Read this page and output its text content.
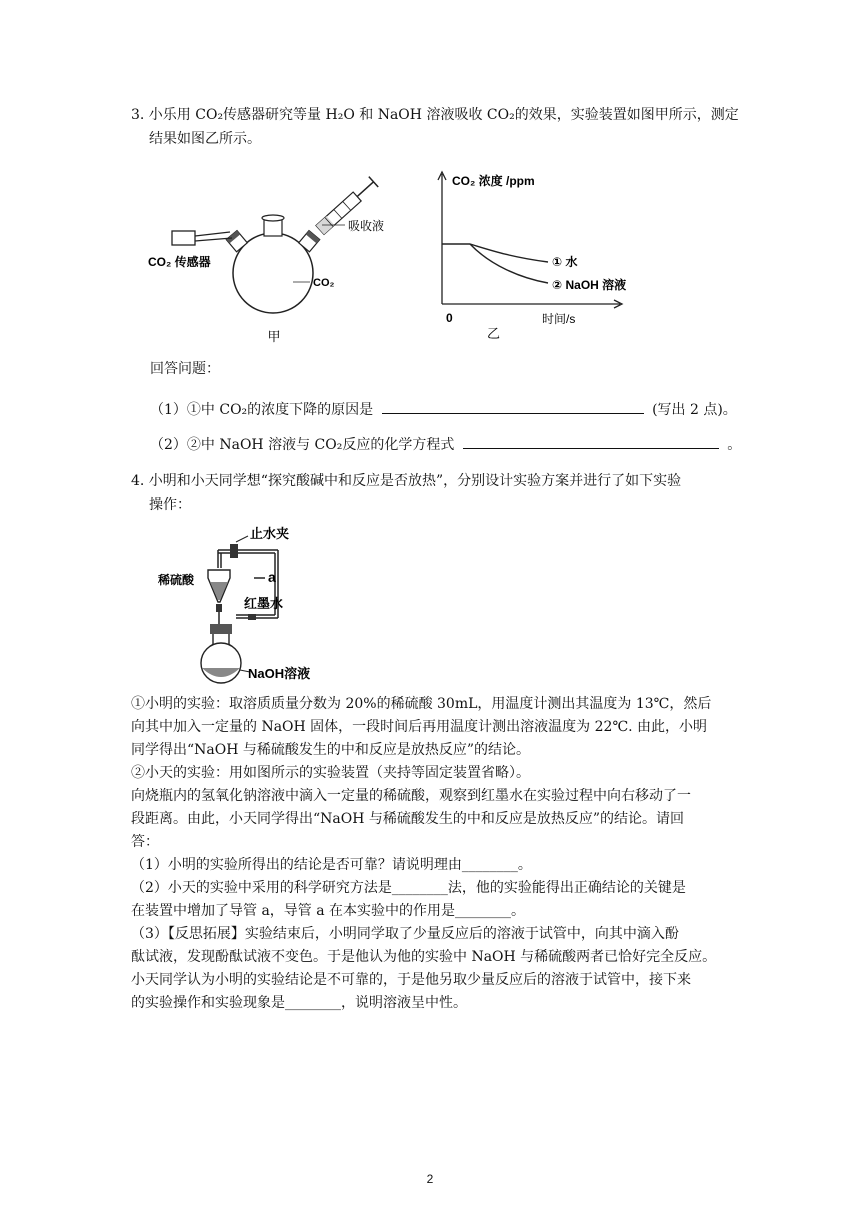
3. 小乐用 CO₂传感器研究等量 H₂O 和 NaOH 溶液吸收 CO₂的效果，实验装置如图甲所示，测定
结果如图乙所示。
CO₂ 传感器
吸收液
CO₂
甲
CO₂ 浓度 /ppm
① 水
② NaOH 溶液
0	时间/s
乙
回答问题：
（1）①中 CO₂的浓度下降的原因是	(写出 2 点)。
（2）②中 NaOH 溶液与 CO₂反应的化学方程式	。
4. 小明和小天同学想“探究酸碱中和反应是否放热”，分别设计实验方案并进行了如下实验
操作：
止水夹
稀硫酸	a
红墨水
NaOH溶液
①小明的实验：取溶质质量分数为 20%的稀硫酸 30mL，用温度计测出其温度为 13℃，然后
向其中加入一定量的 NaOH 固体，一段时间后再用温度计测出溶液温度为 22℃. 由此，小明
同学得出“NaOH 与稀硫酸发生的中和反应是放热反应”的结论。
②小天的实验：用如图所示的实验装置（夹持等固定装置省略）。
向烧瓶内的氢氧化钠溶液中滴入一定量的稀硫酸，观察到红墨水在实验过程中向右移动了一
段距离。由此，小天同学得出“NaOH 与稀硫酸发生的中和反应是放热反应”的结论。请回
答：
（1）小明的实验所得出的结论是否可靠？请说明理由________。
（2）小天的实验中采用的科学研究方法是________法，他的实验能得出正确结论的关键是
在装置中增加了导管 a，导管 a 在本实验中的作用是________。
（3）【反思拓展】实验结束后，小明同学取了少量反应后的溶液于试管中，向其中滴入酚
酞试液，发现酚酞试液不变色。于是他认为他的实验中 NaOH 与稀硫酸两者已恰好完全反应。
小天同学认为小明的实验结论是不可靠的，于是他另取少量反应后的溶液于试管中，接下来
的实验操作和实验现象是________，说明溶液呈中性。
2
